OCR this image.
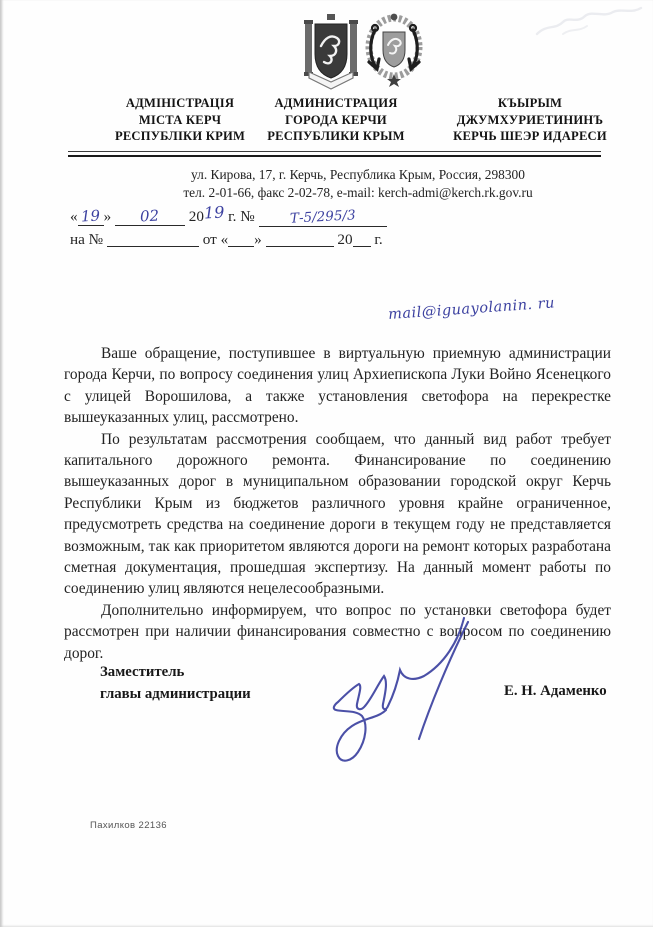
АДМІНІСТРАЦІЯ
МІСТА КЕРЧ
РЕСПУБЛІКИ КРИМ
АДМИНИСТРАЦИЯ
ГОРОДА КЕРЧИ
РЕСПУБЛИКИ КРЫМ
КЪЫРЫМ
ДЖУМХУРИЕТИНИНЪ
КЕРЧЬ ШЕЭР ИДАРЕСИ
ул. Кирова, 17, г. Керчь, Республика Крым, Россия, 298300
тел. 2-01-66, факс 2-02-78, e-mail: kerch-admi@kerch.rk.gov.ru
« 19 » 02 2019 г. №	Т-5/295/3
на №	от « »	20 г.
mail@iguayolanin. ru

Ваше обращение, поступившее в виртуальную приемную администрации города Керчи, по вопросу соединения улиц Архиепископа Луки Войно Ясенецкого с улицей Ворошилова, а также установления светофора на перекрестке вышеуказанных улиц, рассмотрено.

По результатам рассмотрения сообщаем, что данный вид работ требует капитального дорожного ремонта. Финансирование по соединению вышеуказанных дорог в муниципальном образовании городской округ Керчь Республики Крым из бюджетов различного уровня крайне ограниченное, предусмотреть средства на соединение дороги в текущем году не представляется возможным, так как приоритетом являются дороги на ремонт которых разработана сметная документация, прошедшая экспертизу. На данный момент работы по соединению улиц являются нецелесообразными.

Дополнительно информируем, что вопрос по установки светофора будет рассмотрен при наличии финансирования совместно с вопросом по соединению дорог.

Заместитель
главы администрации	Е. Н. Адаменко
Пахилков 22136
